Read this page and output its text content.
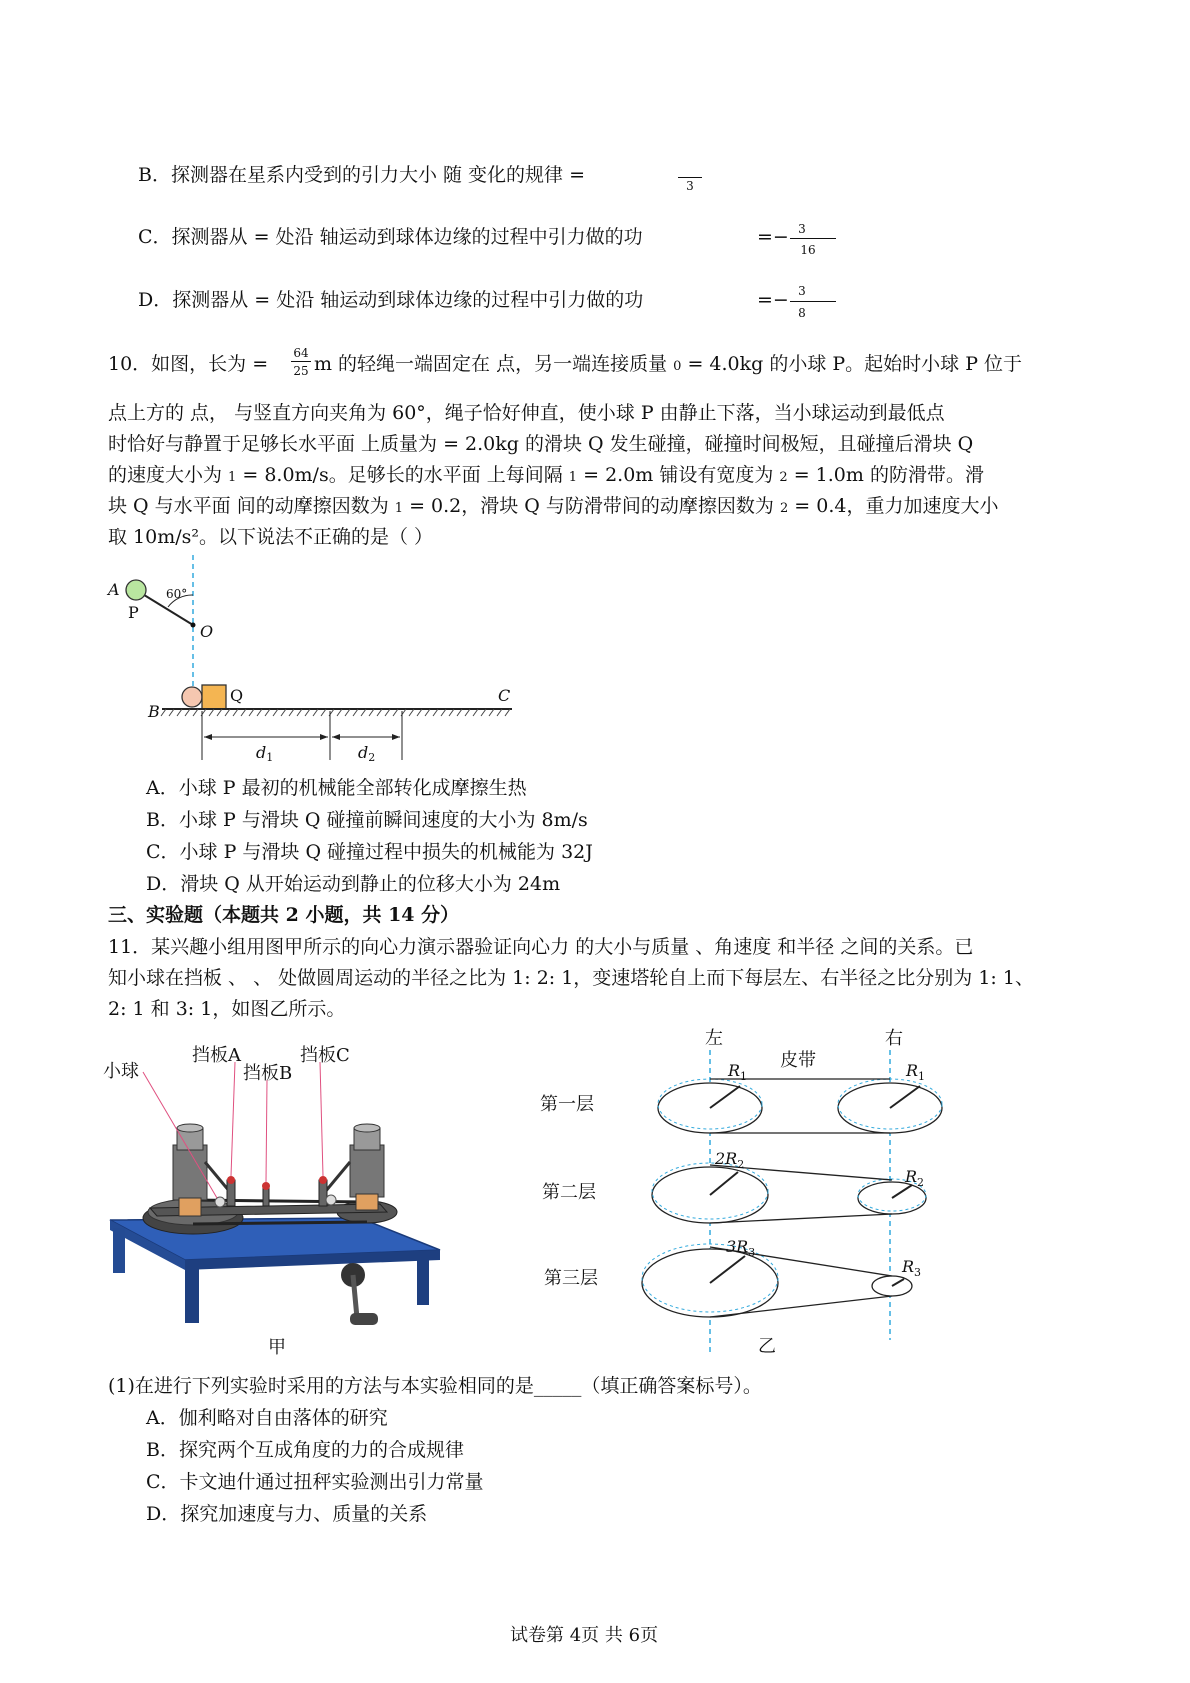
B．探测器在星系内受到的引力大小 随 变化的规律 =	3
C．探测器从 = 处沿 轴运动到球体边缘的过程中引力做的功	=− 3
16
D．探测器从 = 处沿 轴运动到球体边缘的过程中引力做的功	=− 3
8
10．如图，长为 = 64
25 m 的轻绳一端固定在 点，另一端连接质量 0 = 4.0kg 的小球 P。起始时小球 P 位于
点上方的 点， 与竖直方向夹角为 60°，绳子恰好伸直，使小球 P 由静止下落，当小球运动到最低点
时恰好与静置于足够长水平面 上质量为 = 2.0kg 的滑块 Q 发生碰撞，碰撞时间极短，且碰撞后滑块 Q
的速度大小为 1 = 8.0m/s。足够长的水平面 上每间隔 1 = 2.0m 铺设有宽度为 2 = 1.0m 的防滑带。滑
块 Q 与水平面 间的动摩擦因数为 1 = 0.2，滑块 Q 与防滑带间的动摩擦因数为 2 = 0.4，重力加速度大小
取 10m/s²。以下说法不正确的是（ ）
A
P
60°
O
Q
B
C
d1	d2
A．小球 P 最初的机械能全部转化成摩擦生热
B．小球 P 与滑块 Q 碰撞前瞬间速度的大小为 8m/s
C．小球 P 与滑块 Q 碰撞过程中损失的机械能为 32J
D．滑块 Q 从开始运动到静止的位移大小为 24m
三、实验题（本题共 2 小题，共 14 分）
11．某兴趣小组用图甲所示的向心力演示器验证向心力 的大小与质量 、角速度 和半径 之间的关系。已
知小球在挡板 、 、 处做圆周运动的半径之比为 1: 2: 1，变速塔轮自上而下每层左、右半径之比分别为 1: 1、
2: 1 和 3: 1，如图乙所示。
小球
挡板A
挡板B
挡板C
甲
左	右
皮带
第一层
第二层
第三层
$R_1$	$R_1$
$2R_2$
$R_2$
$3R_3$
$R_3$
乙
(1)在进行下列实验时采用的方法与本实验相同的是_____（填正确答案标号）。
A．伽利略对自由落体的研究
B．探究两个互成角度的力的合成规律
C．卡文迪什通过扭秤实验测出引力常量
D．探究加速度与力、质量的关系
试卷第 4页 共 6页
